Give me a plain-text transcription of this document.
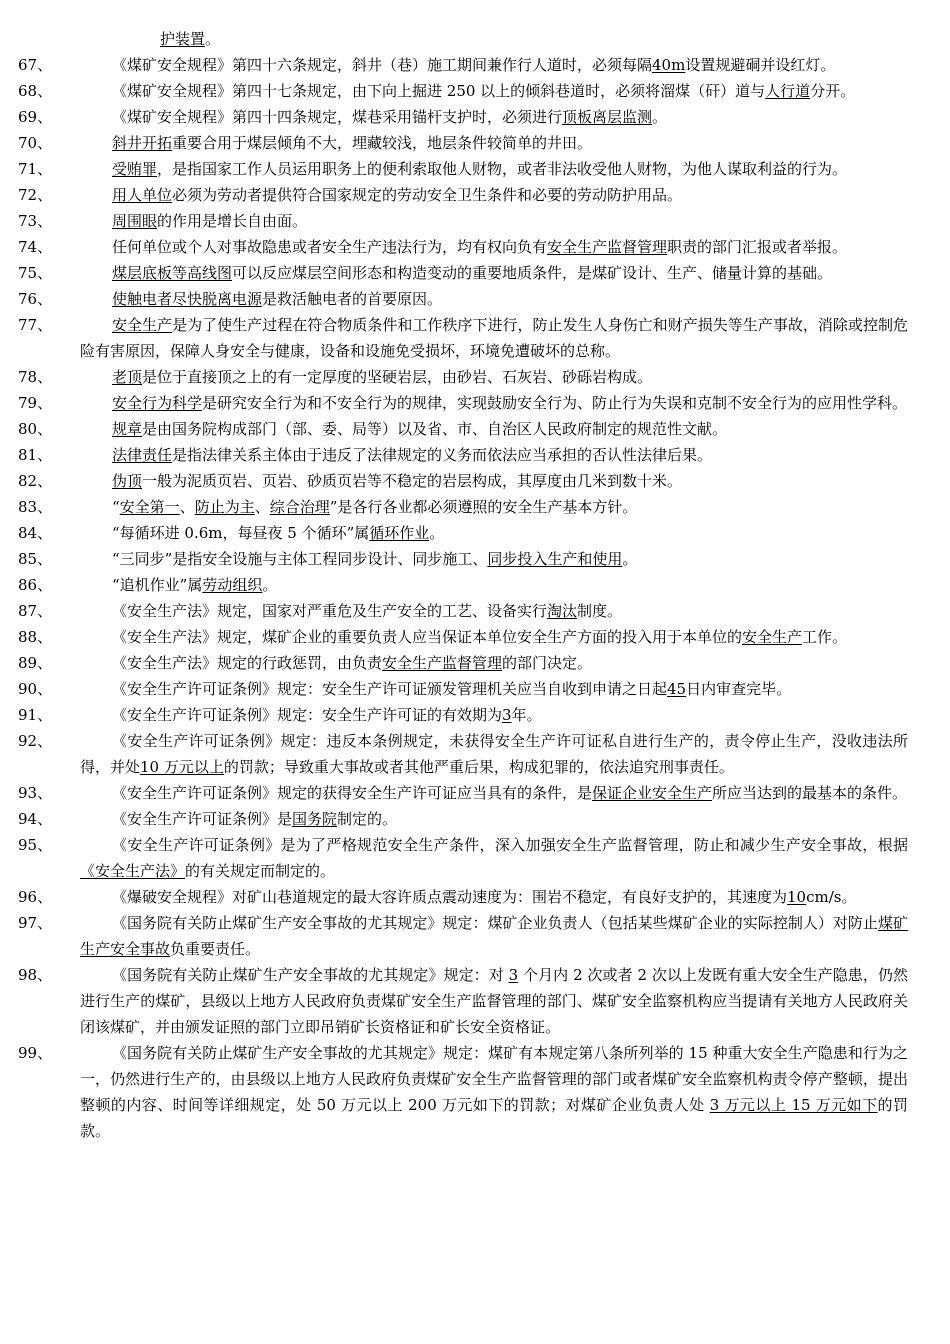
护装置。
67、	《煤矿安全规程》第四十六条规定，斜井（巷）施工期间兼作行人道时，必须每隔40m设置规避硐并设红灯。
68、	《煤矿安全规程》第四十七条规定，由下向上掘进 250 以上的倾斜巷道时，必须将溜煤（矸）道与人行道分开。
69、	《煤矿安全规程》第四十四条规定，煤巷采用锚杆支护时，必须进行顶板离层监测。
70、	斜井开拓重要合用于煤层倾角不大，埋藏较浅，地层条件较简单的井田。
71、	受贿罪，是指国家工作人员运用职务上的便利索取他人财物，或者非法收受他人财物，为他人谋取利益的行为。
72、	用人单位必须为劳动者提供符合国家规定的劳动安全卫生条件和必要的劳动防护用品。
73、	周围眼的作用是增长自由面。
74、	任何单位或个人对事故隐患或者安全生产违法行为，均有权向负有安全生产监督管理职责的部门汇报或者举报。
75、	煤层底板等高线图可以反应煤层空间形态和构造变动的重要地质条件，是煤矿设计、生产、储量计算的基础。
76、	使触电者尽快脱离电源是救活触电者的首要原因。
77、	安全生产是为了使生产过程在符合物质条件和工作秩序下进行，防止发生人身伤亡和财产损失等生产事故，消除或控制危险有害原因，保障人身安全与健康，设备和设施免受损坏，环境免遭破坏的总称。
78、	老顶是位于直接顶之上的有一定厚度的坚硬岩层，由砂岩、石灰岩、砂砾岩构成。
79、	安全行为科学是研究安全行为和不安全行为的规律，实现鼓励安全行为、防止行为失误和克制不安全行为的应用性学科。
80、	规章是由国务院构成部门（部、委、局等）以及省、市、自治区人民政府制定的规范性文献。
81、	法律责任是指法律关系主体由于违反了法律规定的义务而依法应当承担的否认性法律后果。
82、	伪顶一般为泥质页岩、页岩、砂质页岩等不稳定的岩层构成，其厚度由几米到数十米。
83、	“安全第一、防止为主、综合治理”是各行各业都必须遵照的安全生产基本方针。
84、	“每循环进 0.6m，每昼夜 5 个循环”属循环作业。
85、	“三同步”是指安全设施与主体工程同步设计、同步施工、同步投入生产和使用。
86、	“追机作业”属劳动组织。
87、	《安全生产法》规定，国家对严重危及生产安全的工艺、设备实行淘汰制度。
88、	《安全生产法》规定，煤矿企业的重要负责人应当保证本单位安全生产方面的投入用于本单位的安全生产工作。
89、	《安全生产法》规定的行政惩罚，由负责安全生产监督管理的部门决定。
90、	《安全生产许可证条例》规定：安全生产许可证颁发管理机关应当自收到申请之日起45日内审查完毕。
91、	《安全生产许可证条例》规定：安全生产许可证的有效期为3年。
92、	《安全生产许可证条例》规定：违反本条例规定，未获得安全生产许可证私自进行生产的，责令停止生产，没收违法所得，并处10 万元以上的罚款；导致重大事故或者其他严重后果，构成犯罪的，依法追究刑事责任。
93、	《安全生产许可证条例》规定的获得安全生产许可证应当具有的条件，是保证企业安全生产所应当达到的最基本的条件。
94、	《安全生产许可证条例》是国务院制定的。
95、	《安全生产许可证条例》是为了严格规范安全生产条件，深入加强安全生产监督管理，防止和减少生产安全事故，根据《安全生产法》的有关规定而制定的。
96、	《爆破安全规程》对矿山巷道规定的最大容许质点震动速度为：围岩不稳定，有良好支护的，其速度为10cm/s。
97、	《国务院有关防止煤矿生产安全事故的尤其规定》规定：煤矿企业负责人（包括某些煤矿企业的实际控制人）对防止煤矿生产安全事故负重要责任。
98、	《国务院有关防止煤矿生产安全事故的尤其规定》规定：对 3 个月内 2 次或者 2 次以上发既有重大安全生产隐患，仍然进行生产的煤矿，县级以上地方人民政府负责煤矿安全生产监督管理的部门、煤矿安全监察机构应当提请有关地方人民政府关闭该煤矿，并由颁发证照的部门立即吊销矿长资格证和矿长安全资格证。
99、	《国务院有关防止煤矿生产安全事故的尤其规定》规定：煤矿有本规定第八条所列举的 15 种重大安全生产隐患和行为之一，仍然进行生产的，由县级以上地方人民政府负责煤矿安全生产监督管理的部门或者煤矿安全监察机构责令停产整顿，提出整顿的内容、时间等详细规定，处 50 万元以上 200 万元如下的罚款；对煤矿企业负责人处 3 万元以上 15 万元如下的罚款。
